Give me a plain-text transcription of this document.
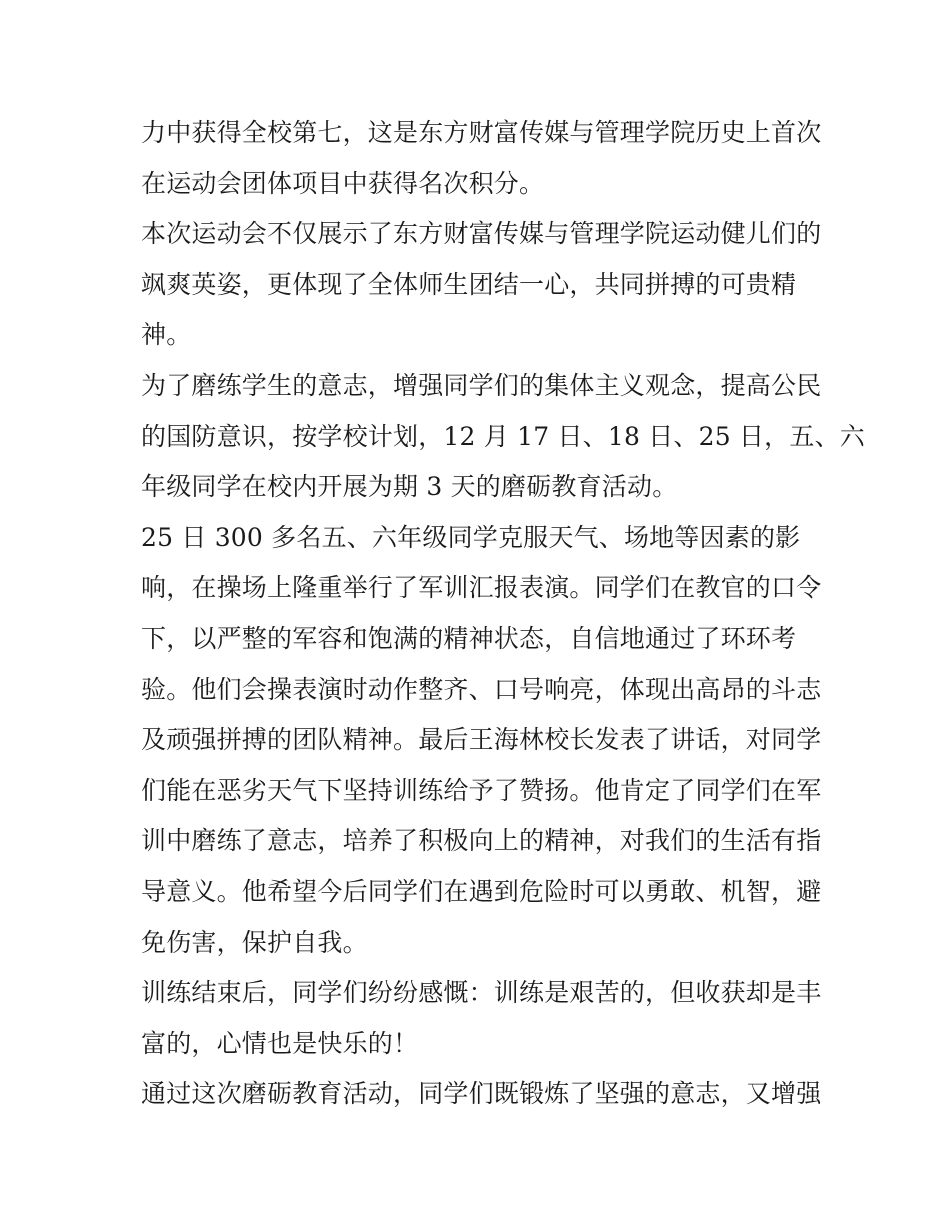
力中获得全校第七，这是东方财富传媒与管理学院历史上首次
在运动会团体项目中获得名次积分。
本次运动会不仅展示了东方财富传媒与管理学院运动健儿们的
飒爽英姿，更体现了全体师生团结一心，共同拼搏的可贵精
神。
为了磨练学生的意志，增强同学们的集体主义观念，提高公民
的国防意识，按学校计划，12 月 17 日、18 日、25 日，五、六
年级同学在校内开展为期 3 天的磨砺教育活动。
25 日 300 多名五、六年级同学克服天气、场地等因素的影
响，在操场上隆重举行了军训汇报表演。同学们在教官的口令
下，以严整的军容和饱满的精神状态，自信地通过了环环考
验。他们会操表演时动作整齐、口号响亮，体现出高昂的斗志
及顽强拼搏的团队精神。最后王海林校长发表了讲话，对同学
们能在恶劣天气下坚持训练给予了赞扬。他肯定了同学们在军
训中磨练了意志，培养了积极向上的精神，对我们的生活有指
导意义。他希望今后同学们在遇到危险时可以勇敢、机智，避
免伤害，保护自我。
训练结束后，同学们纷纷感慨：训练是艰苦的，但收获却是丰
富的，心情也是快乐的！
通过这次磨砺教育活动，同学们既锻炼了坚强的意志，又增强
